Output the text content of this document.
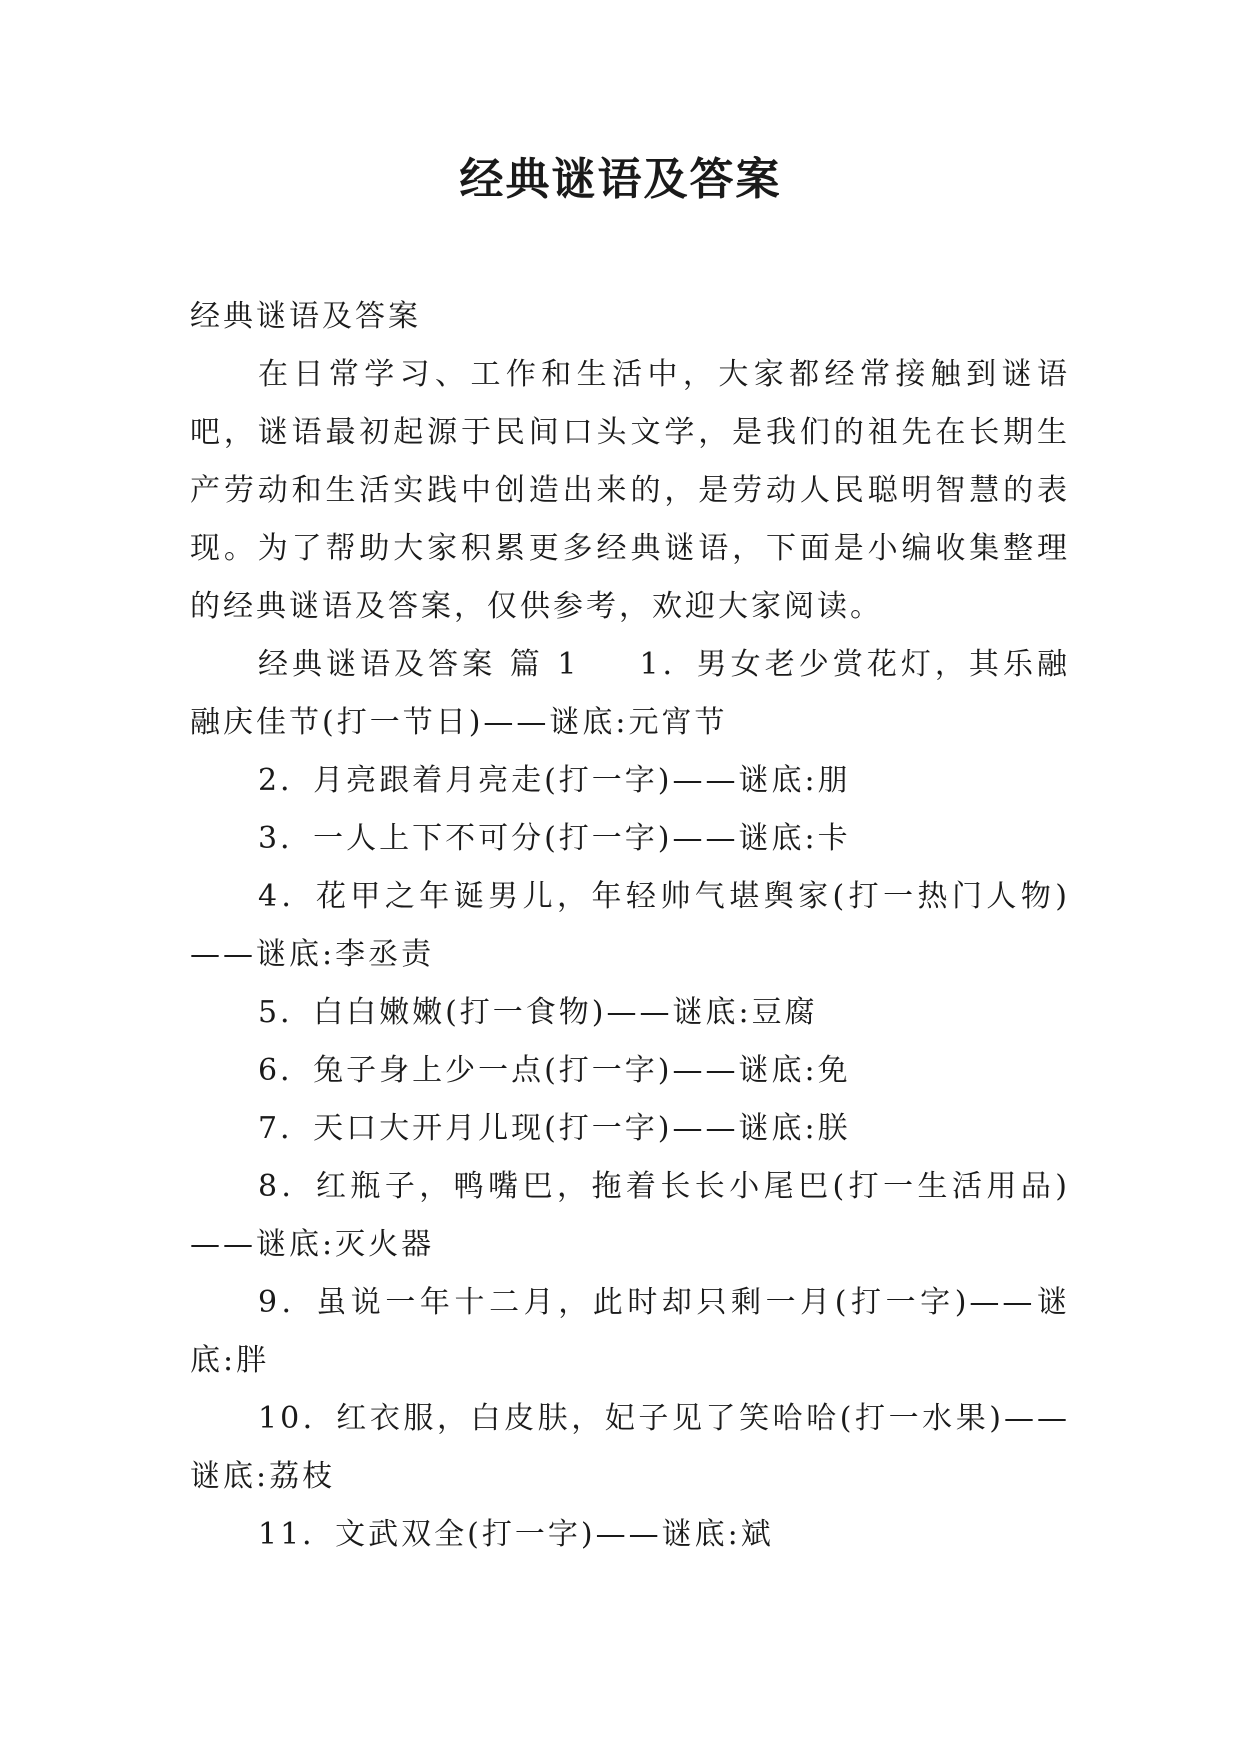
经典谜语及答案

经典谜语及答案

在日常学习、工作和生活中，大家都经常接触到谜语吧，谜语最初起源于民间口头文学，是我们的祖先在长期生产劳动和生活实践中创造出来的，是劳动人民聪明智慧的表现。为了帮助大家积累更多经典谜语，下面是小编收集整理的经典谜语及答案，仅供参考，欢迎大家阅读。

经典谜语及答案 篇 1 1．男女老少赏花灯，其乐融融庆佳节(打一节日)——谜底:元宵节

2．月亮跟着月亮走(打一字)——谜底:朋

3．一人上下不可分(打一字)——谜底:卡

4．花甲之年诞男儿，年轻帅气堪舆家(打一热门人物)——谜底:李丞责

5．白白嫩嫩(打一食物)——谜底:豆腐

6．兔子身上少一点(打一字)——谜底:免

7．天口大开月儿现(打一字)——谜底:朕

8．红瓶子，鸭嘴巴，拖着长长小尾巴(打一生活用品)——谜底:灭火器

9．虽说一年十二月，此时却只剩一月(打一字)——谜底:胖

10．红衣服，白皮肤，妃子见了笑哈哈(打一水果)——谜底:荔枝

11．文武双全(打一字)——谜底:斌
